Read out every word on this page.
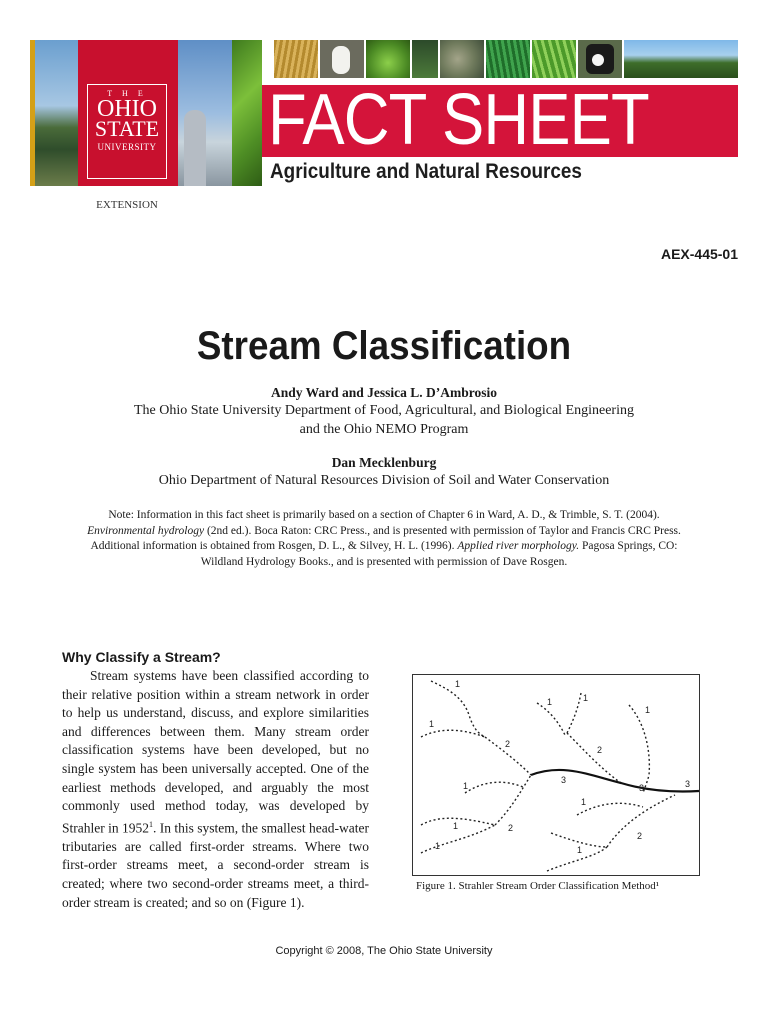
T H E
OHIO
STATE
UNIVERSITY
EXTENSION
FACT SHEET
Agriculture and Natural Resources
AEX-445-01
Stream Classification
Andy Ward and Jessica L. D’Ambrosio
The Ohio State University Department of Food, Agricultural, and Biological Engineering
and the Ohio NEMO Program
Dan Mecklenburg
Ohio Department of Natural Resources Division of Soil and Water Conservation
Note: Information in this fact sheet is primarily based on a section of Chapter 6 in Ward, A. D., & Trimble, S. T. (2004).
Environmental hydrology (2nd ed.). Boca Raton: CRC Press., and is presented with permission of Taylor and Francis CRC Press.
Additional information is obtained from Rosgen, D. L., & Silvey, H. L. (1996). Applied river morphology. Pagosa Springs, CO:
Wildland Hydrology Books., and is presented with permission of Dave Rosgen.
Why Classify a Stream?
Stream systems have been classified according to their relative position within a stream network in order to help us understand, discuss, and explore similarities and differences between them. Many stream order classification systems have been developed, but no single system has been universally accepted. One of the earliest methods developed, and arguably the most commonly used method today, was developed by Strahler in 1952$^1$. In this system, the smallest head-water tributaries are called first-order streams. Where two first-order streams meet, a second-order stream is created; where two second-order streams meet, a third-order stream is created; and so on (Figure 1).
1
1
1	1
1
1
1
1
1	1
2
2
2
2
3
3	3
Figure 1. Strahler Stream Order Classification Method¹
Copyright © 2008, The Ohio State University
